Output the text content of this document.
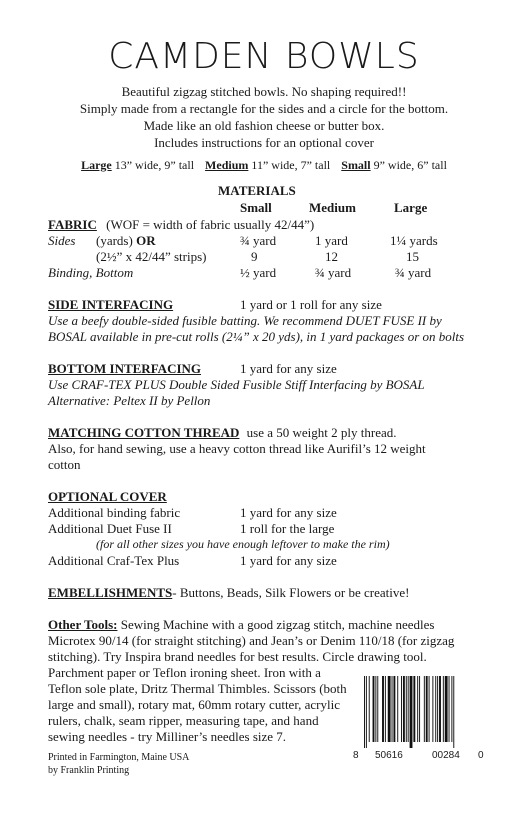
CAMDEN BOWLS
Beautiful zigzag stitched bowls. No shaping required!!
Simply made from a rectangle for the sides and a circle for the bottom.
Made like an old fashion cheese or butter box.
Includes instructions for an optional cover
Large 13” wide, 9” tall Medium 11” wide, 7” tall Small 9” wide, 6” tall
MATERIALS
Small	Medium	Large
FABRIC (WOF = width of fabric usually 42/44”)
Sides (yards) OR	¾ yard	1 yard	1¼ yards
(2½” x 42/44” strips)	9	12	15
Binding, Bottom	½ yard	¾ yard	¾ yard
SIDE INTERFACING	1 yard or 1 roll for any size
Use a beefy double-sided fusible batting. We recommend DUET FUSE II by
BOSAL available in pre-cut rolls (2¼” x 20 yds), in 1 yard packages or on bolts
BOTTOM INTERFACING	1 yard for any size
Use CRAF-TEX PLUS Double Sided Fusible Stiff Interfacing by BOSAL
Alternative: Peltex II by Pellon
MATCHING COTTON THREAD use a 50 weight 2 ply thread.
Also, for hand sewing, use a heavy cotton thread like Aurifil’s 12 weight
cotton
OPTIONAL COVER
Additional binding fabric	1 yard for any size
Additional Duet Fuse II	1 roll for the large
(for all other sizes you have enough leftover to make the rim)
Additional Craf-Tex Plus	1 yard for any size
EMBELLISHMENTS- Buttons, Beads, Silk Flowers or be creative!
Other Tools: Sewing Machine with a good zigzag stitch, machine needles
Microtex 90/14 (for straight stitching) and Jean’s or Denim 110/18 (for zigzag
stitching). Try Inspira brand needles for best results. Circle drawing tool.
Parchment paper or Teflon ironing sheet. Iron with a
Teflon sole plate, Dritz Thermal Thimbles. Scissors (both
large and small), rotary mat, 60mm rotary cutter, acrylic
rulers, chalk, seam ripper, measuring tape, and hand
sewing needles - try Milliner’s needles size 7.
Printed in Farmington, Maine USA
by Franklin Printing
8 50616	00284 0
